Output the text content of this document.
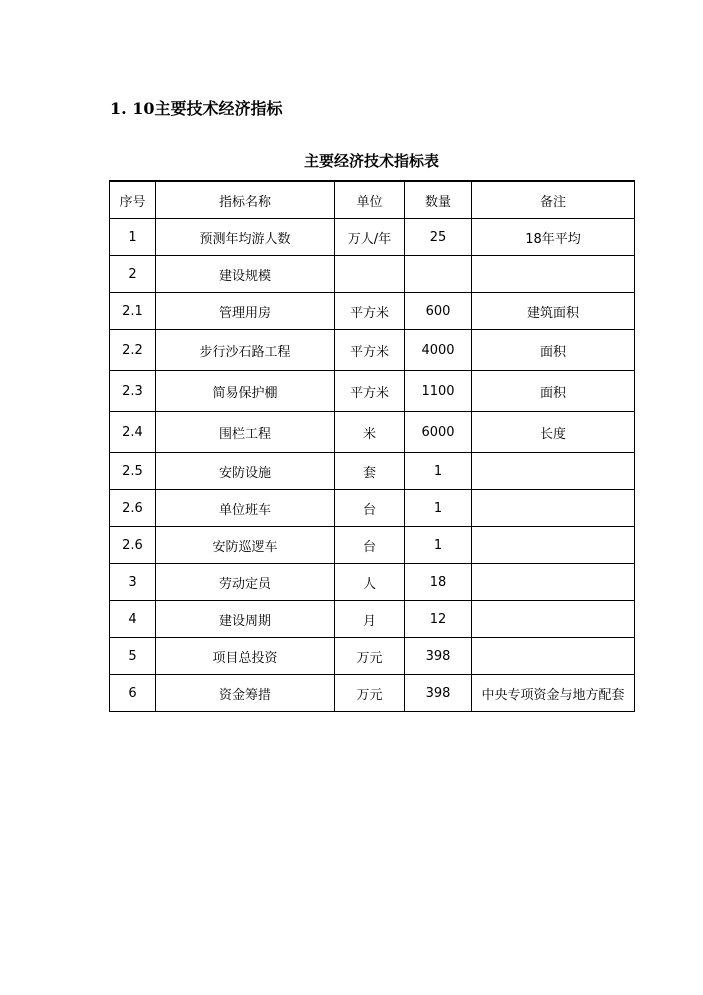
1. 10主要技术经济指标
主要经济技术指标表
序号	指标名称	单位	数量	备注
1	预测年均游人数	万人/年	25	18年平均
2	建设规模			
2.1	管理用房	平方米	600	建筑面积
2.2	步行沙石路工程	平方米	4000	面积
2.3	简易保护棚	平方米	1100	面积
2.4	围栏工程	米	6000	长度
2.5	安防设施	套	1	
2.6	单位班车	台	1	
2.6	安防巡逻车	台	1	
3	劳动定员	人	18	
4	建设周期	月	12	
5	项目总投资	万元	398	
6	资金筹措	万元	398	中央专项资金与地方配套
